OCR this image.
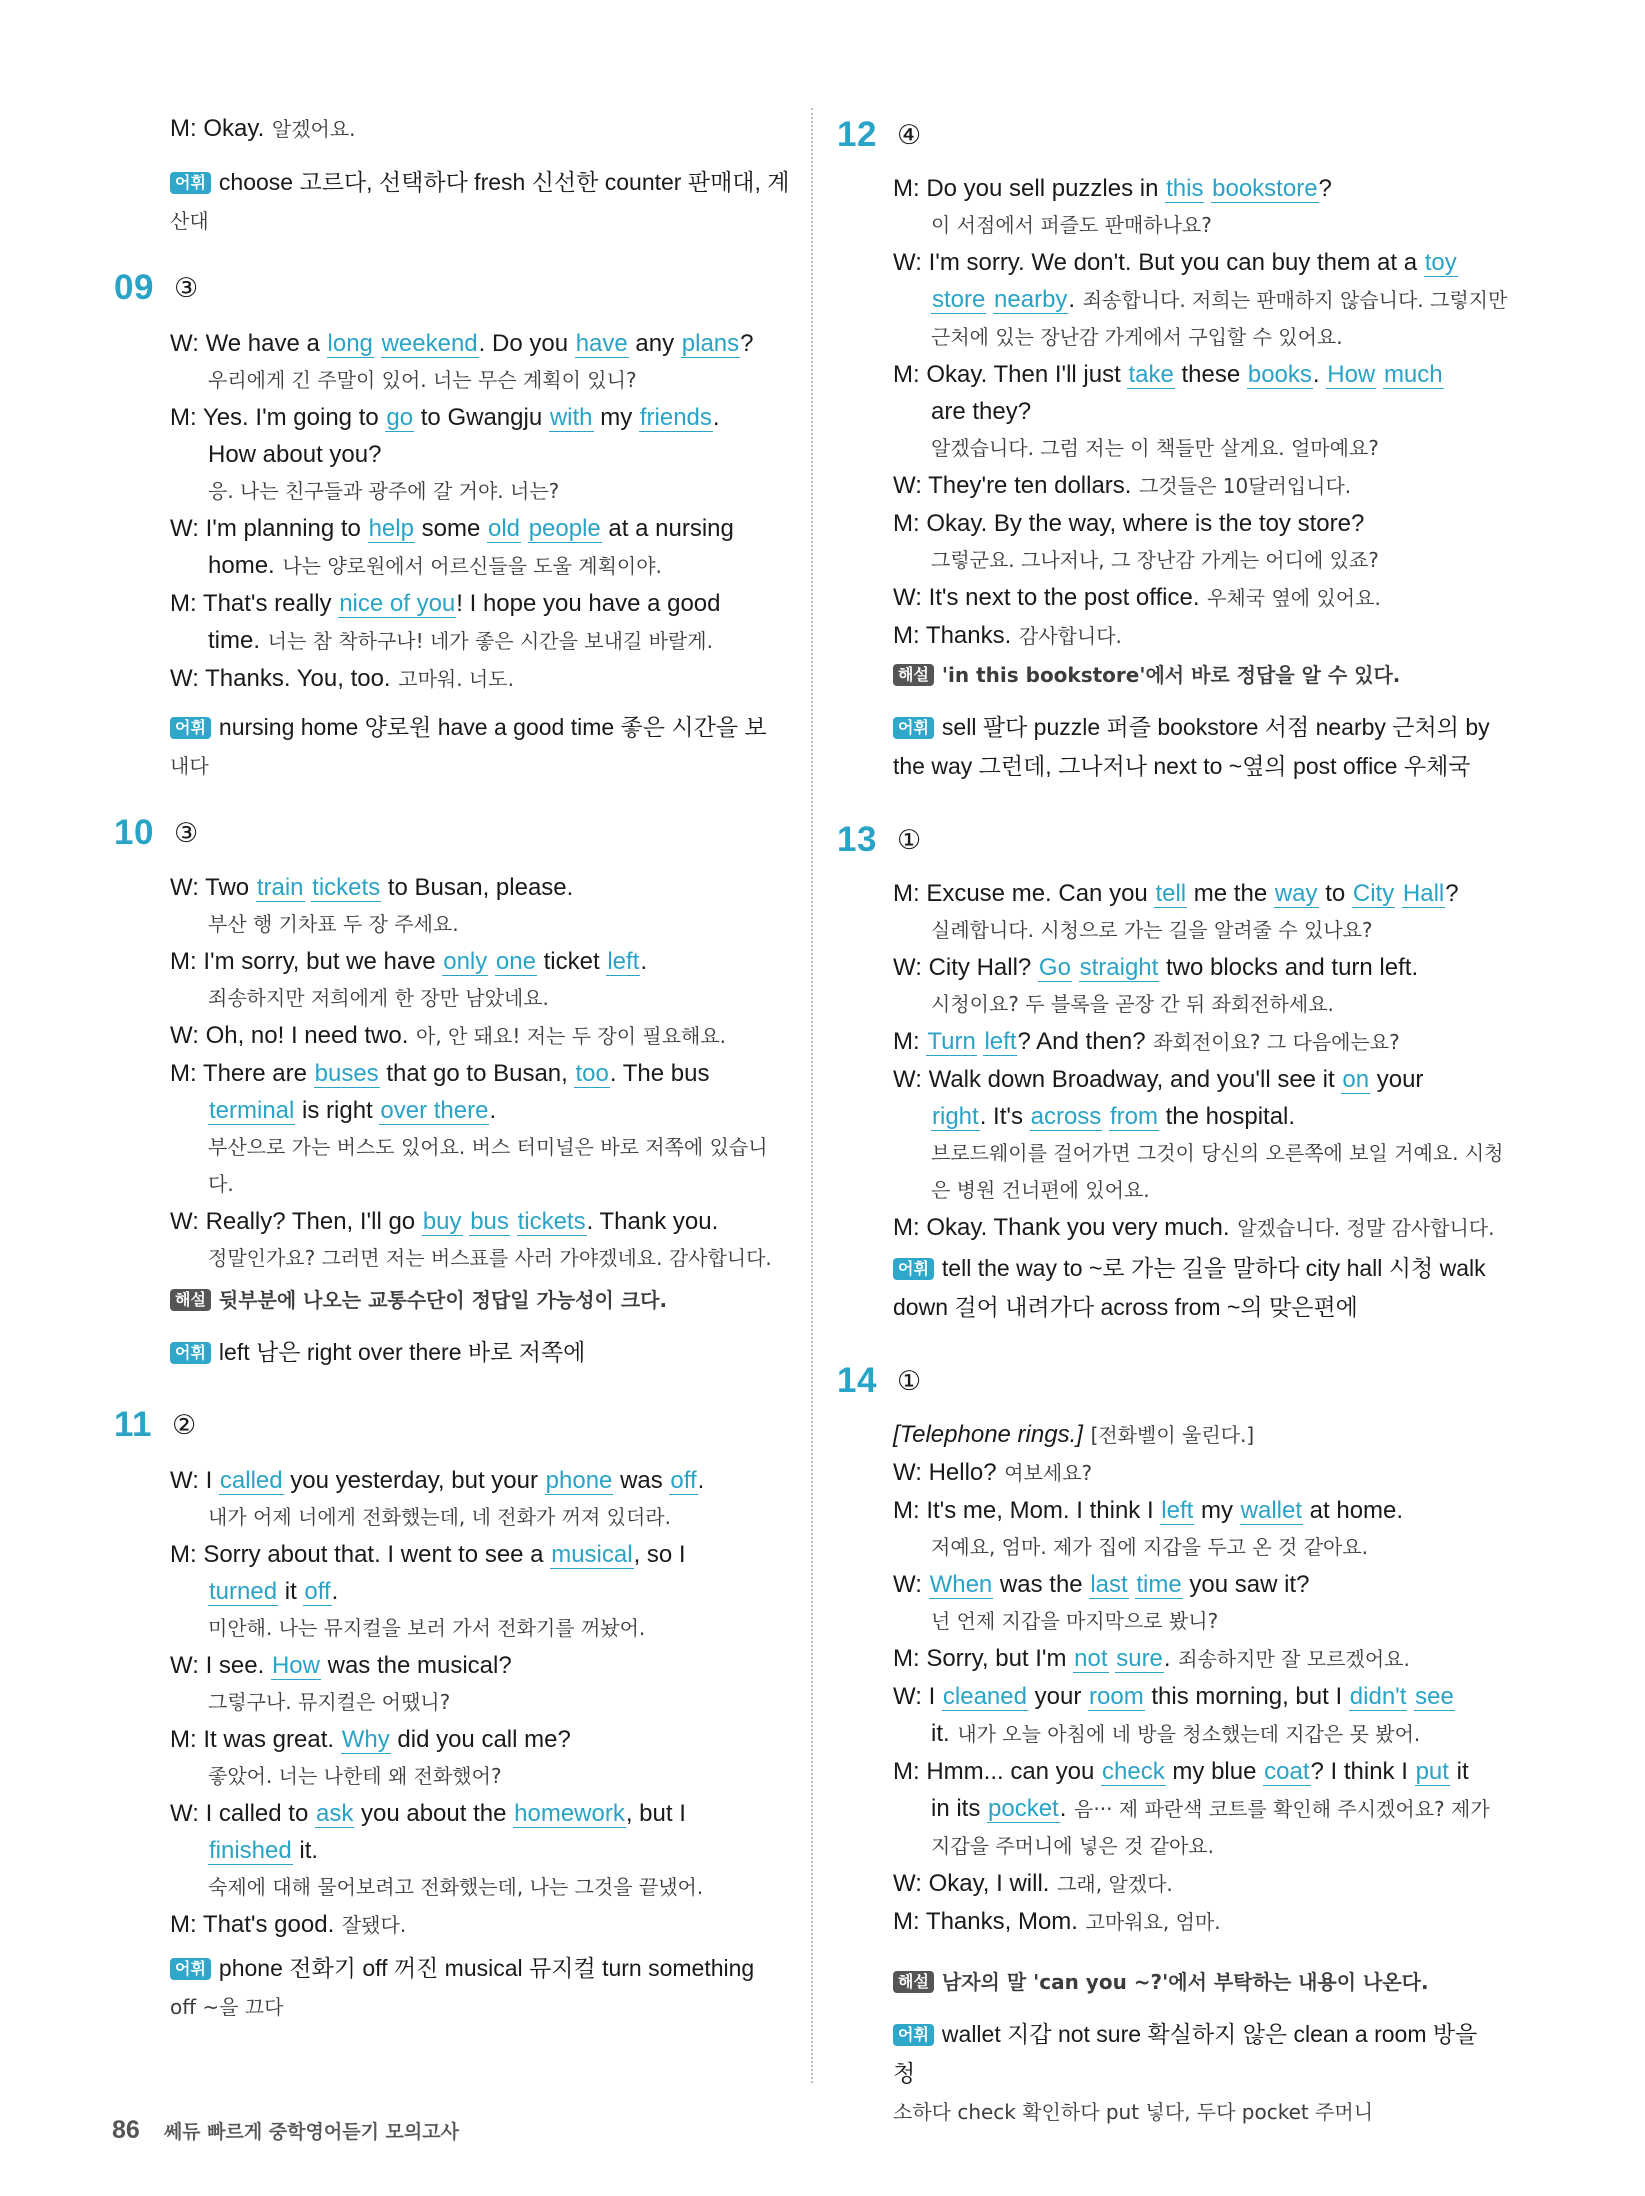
M: Okay. 알겠어요.
어휘 choose 고르다, 선택하다 fresh 신선한 counter 판매대, 계
산대
09 ③
W: We have a long weekend. Do you have any plans?
우리에게 긴 주말이 있어. 너는 무슨 계획이 있니?
M: Yes. I'm going to go to Gwangju with my friends.
How about you?
응. 나는 친구들과 광주에 갈 거야. 너는?
W: I'm planning to help some old people at a nursing
home. 나는 양로원에서 어르신들을 도울 계획이야.
M: That's really nice of you! I hope you have a good
time. 너는 참 착하구나! 네가 좋은 시간을 보내길 바랄게.
W: Thanks. You, too. 고마워. 너도.
어휘 nursing home 양로원 have a good time 좋은 시간을 보
내다
10 ③
W: Two train tickets to Busan, please.
부산 행 기차표 두 장 주세요.
M: I'm sorry, but we have only one ticket left.
죄송하지만 저희에게 한 장만 남았네요.
W: Oh, no! I need two. 아, 안 돼요! 저는 두 장이 필요해요.
M: There are buses that go to Busan, too. The bus
terminal is right over there.
부산으로 가는 버스도 있어요. 버스 터미널은 바로 저쪽에 있습니
다.
W: Really? Then, I'll go buy bus tickets. Thank you.
정말인가요? 그러면 저는 버스표를 사러 가야겠네요. 감사합니다.
해설 뒷부분에 나오는 교통수단이 정답일 가능성이 크다.
어휘 left 남은 right over there 바로 저쪽에
11 ②
W: I called you yesterday, but your phone was off.
내가 어제 너에게 전화했는데, 네 전화가 꺼져 있더라.
M: Sorry about that. I went to see a musical, so I
turned it off.
미안해. 나는 뮤지컬을 보러 가서 전화기를 꺼놨어.
W: I see. How was the musical?
그렇구나. 뮤지컬은 어땠니?
M: It was great. Why did you call me?
좋았어. 너는 나한테 왜 전화했어?
W: I called to ask you about the homework, but I
finished it.
숙제에 대해 물어보려고 전화했는데, 나는 그것을 끝냈어.
M: That's good. 잘됐다.
어휘 phone 전화기 off 꺼진 musical 뮤지컬 turn something
off ~을 끄다
12 ④
M: Do you sell puzzles in this bookstore?
이 서점에서 퍼즐도 판매하나요?
W: I'm sorry. We don't. But you can buy them at a toy
store nearby. 죄송합니다. 저희는 판매하지 않습니다. 그렇지만
근처에 있는 장난감 가게에서 구입할 수 있어요.
M: Okay. Then I'll just take these books. How much
are they?
알겠습니다. 그럼 저는 이 책들만 살게요. 얼마예요?
W: They're ten dollars. 그것들은 10달러입니다.
M: Okay. By the way, where is the toy store?
그렇군요. 그나저나, 그 장난감 가게는 어디에 있죠?
W: It's next to the post office. 우체국 옆에 있어요.
M: Thanks. 감사합니다.
해설 'in this bookstore'에서 바로 정답을 알 수 있다.
어휘 sell 팔다 puzzle 퍼즐 bookstore 서점 nearby 근처의 by
the way 그런데, 그나저나 next to ~옆의 post office 우체국
13 ①
M: Excuse me. Can you tell me the way to City Hall?
실례합니다. 시청으로 가는 길을 알려줄 수 있나요?
W: City Hall? Go straight two blocks and turn left.
시청이요? 두 블록을 곧장 간 뒤 좌회전하세요.
M: Turn left? And then? 좌회전이요? 그 다음에는요?
W: Walk down Broadway, and you'll see it on your
right. It's across from the hospital.
브로드웨이를 걸어가면 그것이 당신의 오른쪽에 보일 거예요. 시청
은 병원 건너편에 있어요.
M: Okay. Thank you very much. 알겠습니다. 정말 감사합니다.
어휘 tell the way to ~로 가는 길을 말하다 city hall 시청 walk
down 걸어 내려가다 across from ~의 맞은편에
14 ①
[Telephone rings.] [전화벨이 울린다.]
W: Hello? 여보세요?
M: It's me, Mom. I think I left my wallet at home.
저예요, 엄마. 제가 집에 지갑을 두고 온 것 같아요.
W: When was the last time you saw it?
넌 언제 지갑을 마지막으로 봤니?
M: Sorry, but I'm not sure. 죄송하지만 잘 모르겠어요.
W: I cleaned your room this morning, but I didn't see
it. 내가 오늘 아침에 네 방을 청소했는데 지갑은 못 봤어.
M: Hmm... can you check my blue coat? I think I put it
in its pocket. 음··· 제 파란색 코트를 확인해 주시겠어요? 제가
지갑을 주머니에 넣은 것 같아요.
W: Okay, I will. 그래, 알겠다.
M: Thanks, Mom. 고마워요, 엄마.
해설 남자의 말 'can you ~?'에서 부탁하는 내용이 나온다.
어휘 wallet 지갑 not sure 확실하지 않은 clean a room 방을 청
소하다 check 확인하다 put 넣다, 두다 pocket 주머니
86 쎄듀 빠르게 중학영어듣기 모의고사
